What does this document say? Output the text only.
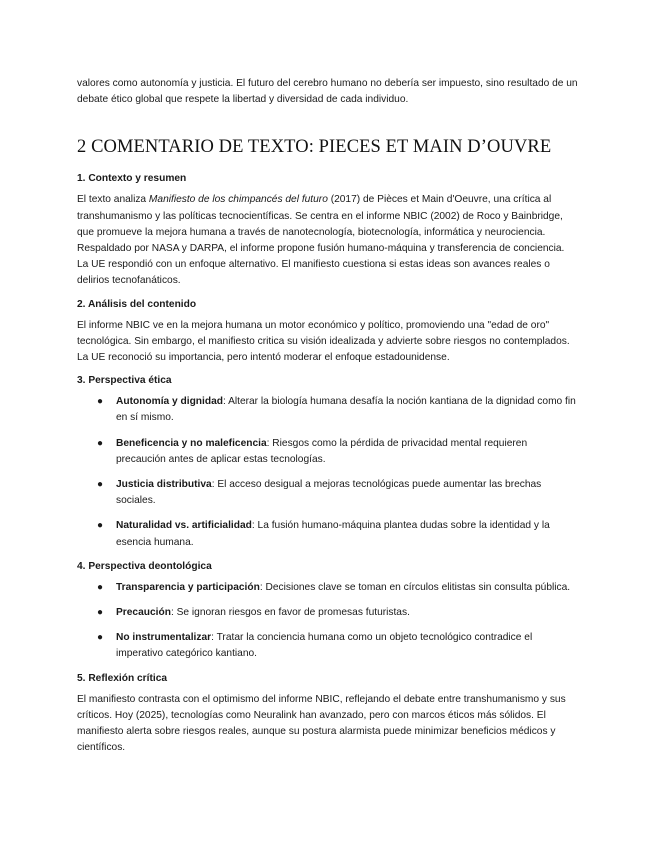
valores como autonomía y justicia. El futuro del cerebro humano no debería ser impuesto, sino resultado de un debate ético global que respete la libertad y diversidad de cada individuo.

2 COMENTARIO DE TEXTO: PIECES ET MAIN D’OUVRE
1. Contexto y resumen

El texto analiza Manifiesto de los chimpancés del futuro (2017) de Pièces et Main d'Oeuvre, una crítica al transhumanismo y las políticas tecnocientíficas. Se centra en el informe NBIC (2002) de Roco y Bainbridge, que promueve la mejora humana a través de nanotecnología, biotecnología, informática y neurociencia. Respaldado por NASA y DARPA, el informe propone fusión humano-máquina y transferencia de conciencia. La UE respondió con un enfoque alternativo. El manifiesto cuestiona si estas ideas son avances reales o delirios tecnofanáticos.

2. Análisis del contenido

El informe NBIC ve en la mejora humana un motor económico y político, promoviendo una "edad de oro" tecnológica. Sin embargo, el manifiesto critica su visión idealizada y advierte sobre riesgos no contemplados. La UE reconoció su importancia, pero intentó moderar el enfoque estadounidense.

3. Perspectiva ética
● Autonomía y dignidad: Alterar la biología humana desafía la noción kantiana de la dignidad como fin en sí mismo.
● Beneficencia y no maleficencia: Riesgos como la pérdida de privacidad mental requieren precaución antes de aplicar estas tecnologías.
● Justicia distributiva: El acceso desigual a mejoras tecnológicas puede aumentar las brechas sociales.
● Naturalidad vs. artificialidad: La fusión humano-máquina plantea dudas sobre la identidad y la esencia humana.
4. Perspectiva deontológica
● Transparencia y participación: Decisiones clave se toman en círculos elitistas sin consulta pública.
● Precaución: Se ignoran riesgos en favor de promesas futuristas.
● No instrumentalizar: Tratar la conciencia humana como un objeto tecnológico contradice el imperativo categórico kantiano.
5. Reflexión crítica

El manifiesto contrasta con el optimismo del informe NBIC, reflejando el debate entre transhumanismo y sus críticos. Hoy (2025), tecnologías como Neuralink han avanzado, pero con marcos éticos más sólidos. El manifiesto alerta sobre riesgos reales, aunque su postura alarmista puede minimizar beneficios médicos y científicos.
